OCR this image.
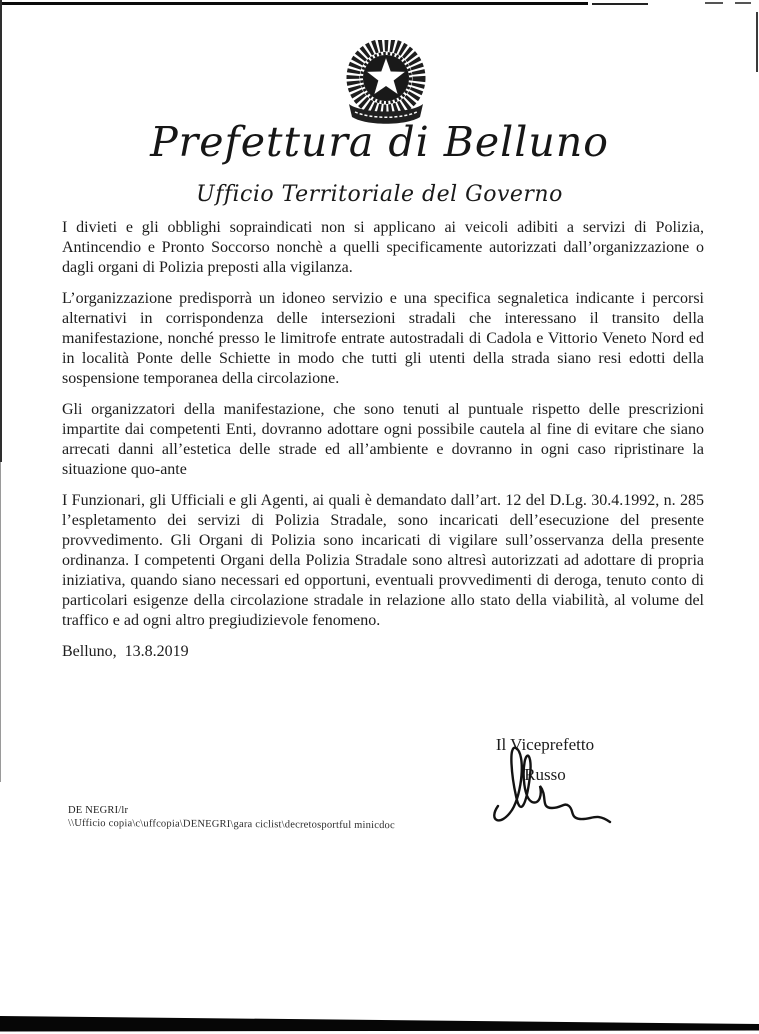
Prefettura di Belluno
Ufficio Territoriale del Governo

I divieti e gli obblighi sopraindicati non si applicano ai veicoli adibiti a servizi di Polizia, Antincendio e Pronto Soccorso nonchè a quelli specificamente autorizzati dall’organizzazione o dagli organi di Polizia preposti alla vigilanza.

L’organizzazione predisporrà un idoneo servizio e una specifica segnaletica indicante i percorsi alternativi in corrispondenza delle intersezioni stradali che interessano il transito della manifestazione, nonché presso le limitrofe entrate autostradali di Cadola e Vittorio Veneto Nord ed in località Ponte delle Schiette in modo che tutti gli utenti della strada siano resi edotti della sospensione temporanea della circolazione.

Gli organizzatori della manifestazione, che sono tenuti al puntuale rispetto delle prescrizioni impartite dai competenti Enti, dovranno adottare ogni possibile cautela al fine di evitare che siano arrecati danni all’estetica delle strade ed all’ambiente e dovranno in ogni caso ripristinare la situazione quo-ante

I Funzionari, gli Ufficiali e gli Agenti, ai quali è demandato dall’art. 12 del D.Lg. 30.4.1992, n. 285 l’espletamento dei servizi di Polizia Stradale, sono incaricati dell’esecuzione del presente provvedimento. Gli Organi di Polizia sono incaricati di vigilare sull’osservanza della presente ordinanza. I competenti Organi della Polizia Stradale sono altresì autorizzati ad adottare di propria iniziativa, quando siano necessari ed opportuni, eventuali provvedimenti di deroga, tenuto conto di particolari esigenze della circolazione stradale in relazione allo stato della viabilità, al volume del traffico e ad ogni altro pregiudizievole fenomeno.

Belluno,  13.8.2019

Il Viceprefetto
Russo
DE NEGRI/lr
\\Ufficio copia\c\uffcopia\DENEGRI\gara ciclist\decretosportful minicdoc
